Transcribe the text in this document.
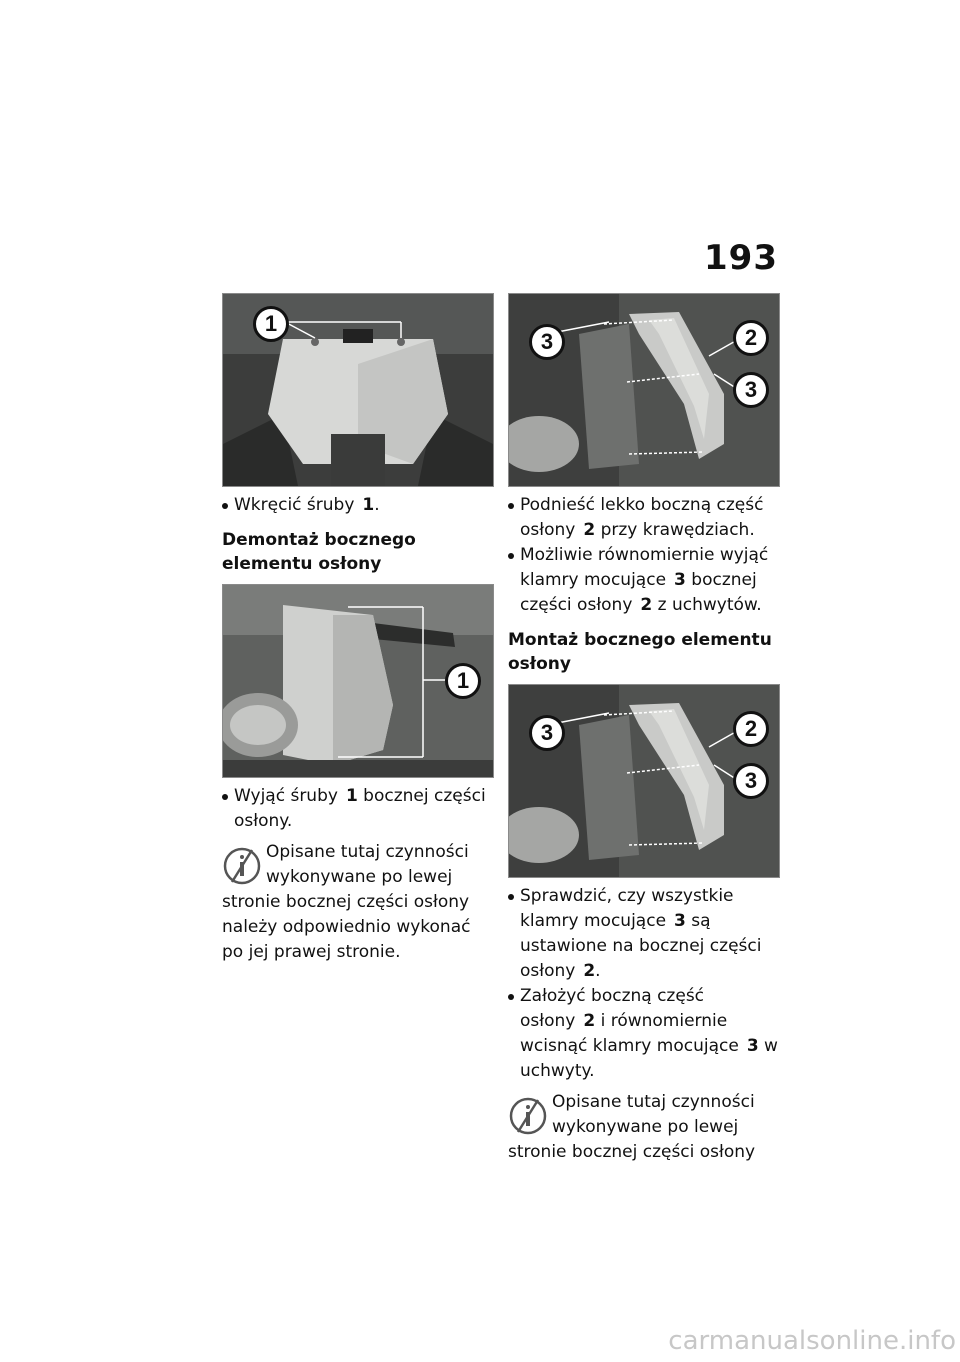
193
1
Wkręcić śruby 1.
Demontaż bocznego elementu osłony
1
Wyjąć śruby 1 bocznej części osłony.
Opisane tutaj czynności wykonywane po lewej stronie bocznej części osłony należy odpowiednio wykonać po jej prawej stronie.
3	2
3
Podnieść lekko boczną część osłony 2 przy krawędziach.
Możliwie równomiernie wyjąć klamry mocujące 3 bocznej części osłony 2 z uchwytów.
Montaż bocznego elementu osłony
3	2
3
Sprawdzić, czy wszystkie klamry mocujące 3 są ustawione na bocznej części osłony 2.
Założyć boczną część osłony 2 i równomiernie wcisnąć klamry mocujące 3 w uchwyty.
Opisane tutaj czynności wykonywane po lewej stronie bocznej części osłony
carmanualsonline.info
